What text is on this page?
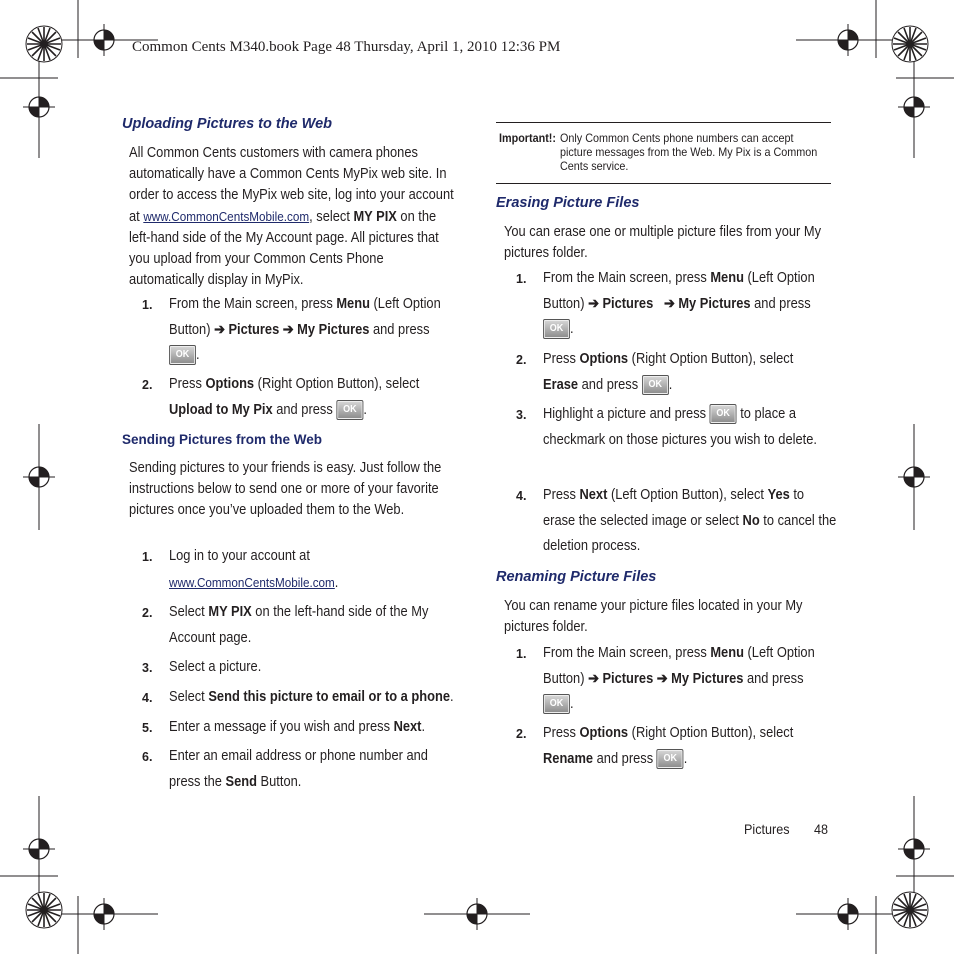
Common Cents M340.book Page 48 Thursday, April 1, 2010 12:36 PM
Uploading Pictures to the Web
All Common Cents customers with camera phones automatically have a Common Cents MyPix web site. In order to access the MyPix web site, log into your account at www.CommonCentsMobile.com, select MY PIX on the left-hand side of the My Account page. All pictures that you upload from your Common Cents Phone automatically display in MyPix.
1. From the Main screen, press Menu (Left Option Button) ➔ Pictures ➔ My Pictures and press
OK .
2. Press Options (Right Option Button), select
Upload to My Pix and press OK .
Sending Pictures from the Web
Sending pictures to your friends is easy. Just follow the instructions below to send one or more of your favorite pictures once you’ve uploaded them to the Web.
1. Log in to your account at
www.CommonCentsMobile.com.
2. Select MY PIX on the left-hand side of the My Account page.
3. Select a picture.
4. Select Send this picture to email or to a phone.
5. Enter a message if you wish and press Next.
6. Enter an email address or phone number and press the Send Button.
Important!: Only Common Cents phone numbers can accept picture messages from the Web. My Pix is a Common Cents service.
Erasing Picture Files
You can erase one or multiple picture files from your My pictures folder.
1. From the Main screen, press Menu (Left Option Button) ➔ Pictures ➔ My Pictures and press
OK .
2. Press Options (Right Option Button), select
Erase and press OK .
3. Highlight a picture and press OK to place a checkmark on those pictures you wish to delete.
4. Press Next (Left Option Button), select Yes to erase the selected image or select No to cancel the deletion process.
Renaming Picture Files
You can rename your picture files located in your My pictures folder.
1. From the Main screen, press Menu (Left Option Button) ➔ Pictures ➔ My Pictures and press
OK .
2. Press Options (Right Option Button), select
Rename and press OK .
Pictures 48
